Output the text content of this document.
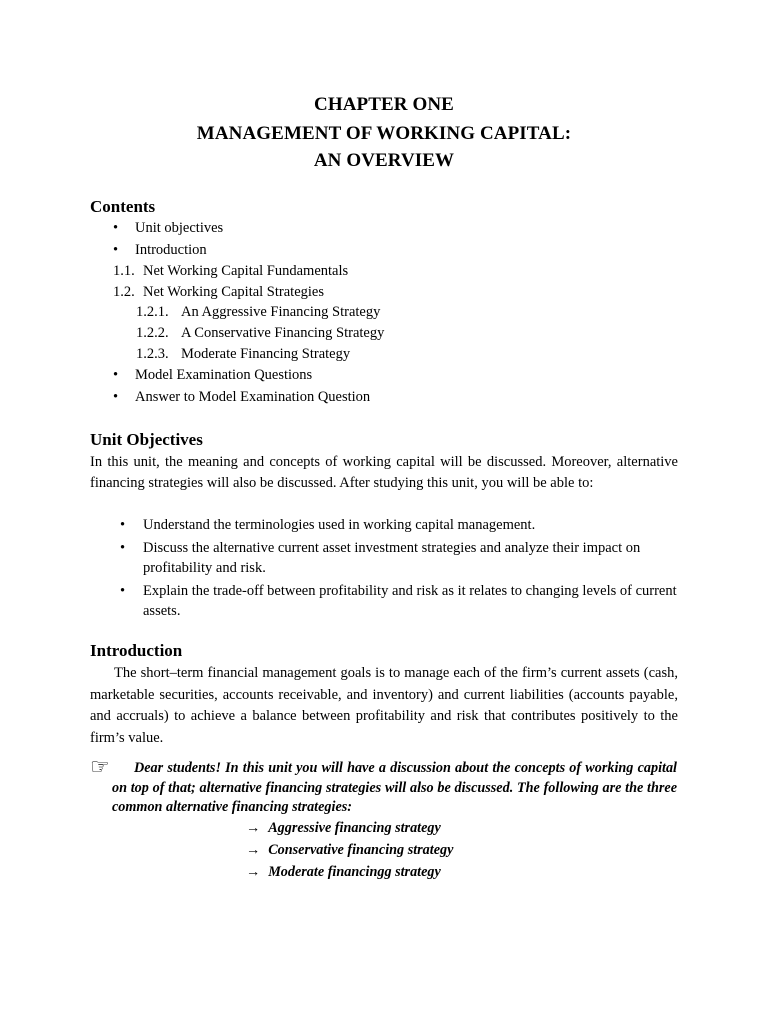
CHAPTER ONE
MANAGEMENT OF WORKING CAPITAL:
AN OVERVIEW
Contents
• Unit objectives
• Introduction
1.1. Net Working Capital Fundamentals
1.2. Net Working Capital Strategies
1.2.1. An Aggressive Financing Strategy
1.2.2. A Conservative Financing Strategy
1.2.3. Moderate Financing Strategy
• Model Examination Questions
• Answer to Model Examination Question
Unit Objectives
In this unit, the meaning and concepts of working capital will be discussed. Moreover, alternative financing strategies will also be discussed. After studying this unit, you will be able to:
• Understand the terminologies used in working capital management.
• Discuss the alternative current asset investment strategies and analyze their impact on profitability and risk.
• Explain the trade-off between profitability and risk as it relates to changing levels of current assets.
Introduction
The short–term financial management goals is to manage each of the firm’s current assets (cash, marketable securities, accounts receivable, and inventory) and current liabilities (accounts payable, and accruals) to achieve a balance between profitability and risk that contributes positively to the firm’s value.
☞	Dear students! In this unit you will have a discussion about the concepts of working capital on top of that; alternative financing strategies will also be discussed. The following are the three common alternative financing strategies:
→ Aggressive financing strategy
→ Conservative financing strategy
→ Moderate financingg strategy
